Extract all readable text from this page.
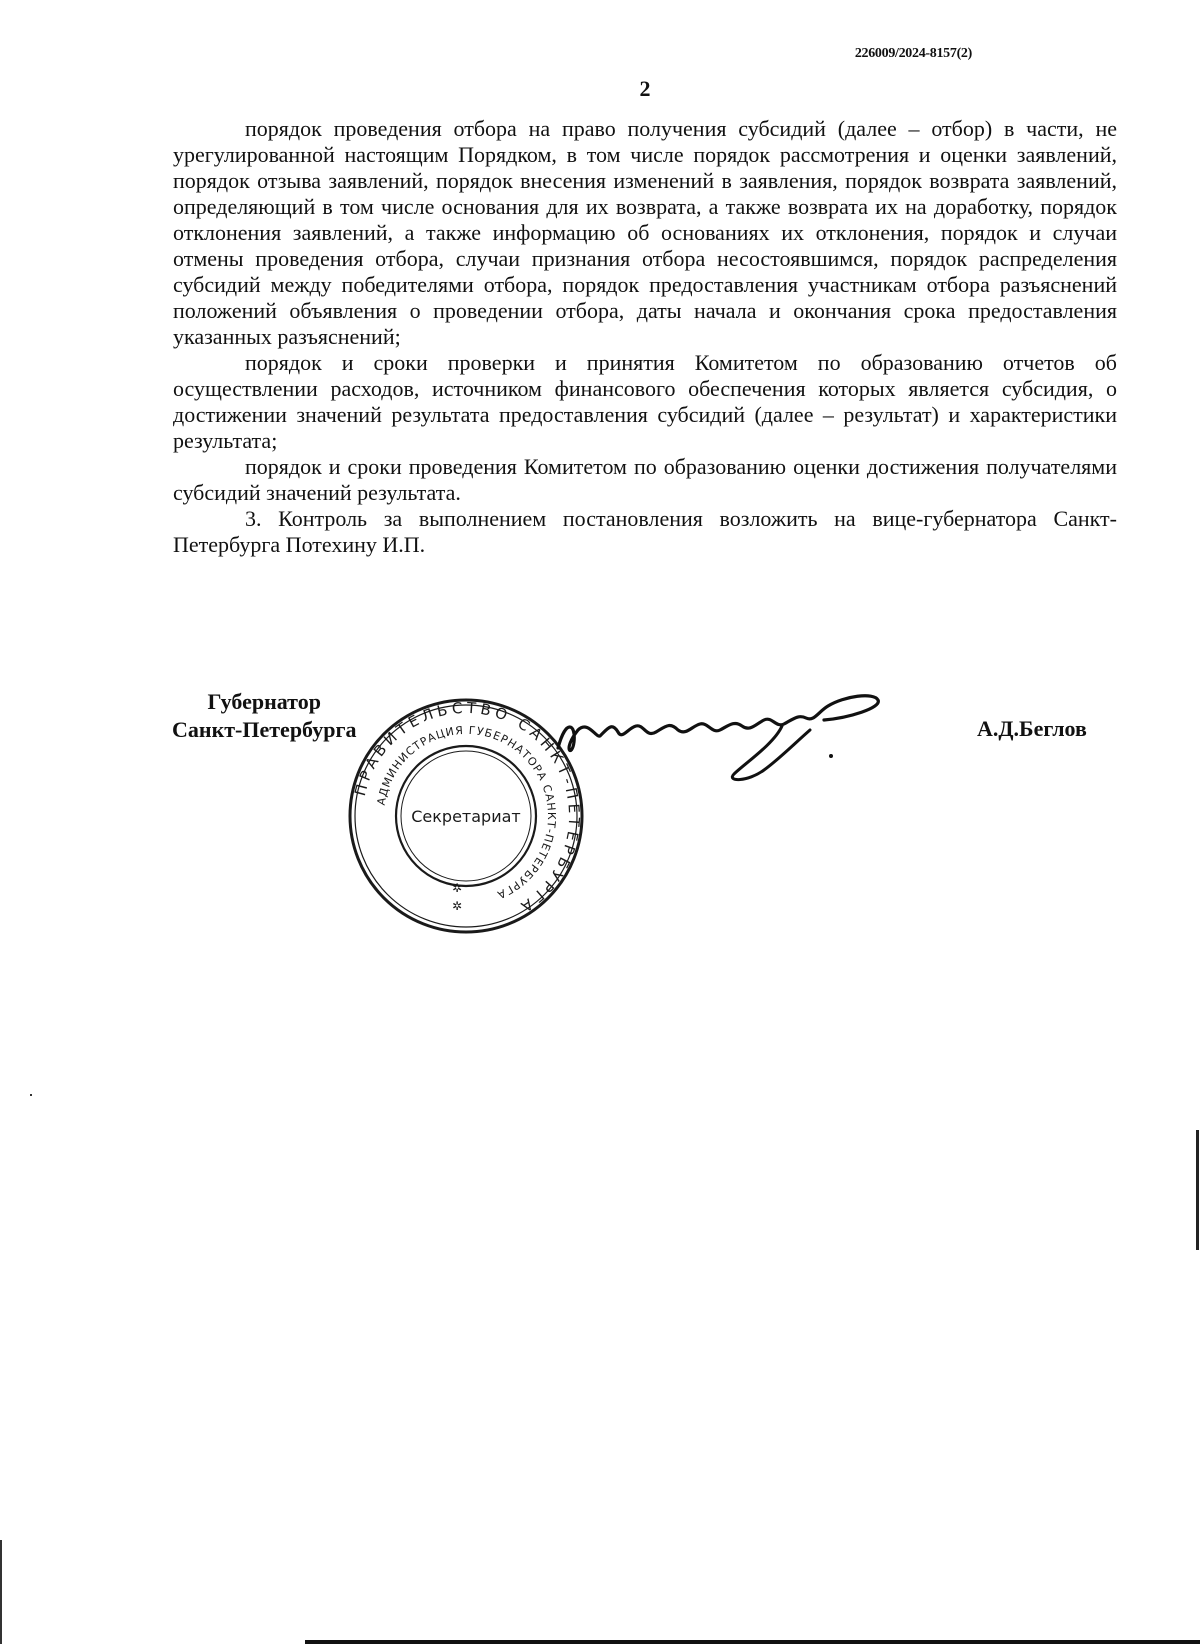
226009/2024-8157(2)
2

порядок проведения отбора на право получения субсидий (далее – отбор) в части, не урегулированной настоящим Порядком, в том числе порядок рассмотрения и оценки заявлений, порядок отзыва заявлений, порядок внесения изменений в заявления, порядок возврата заявлений, определяющий в том числе основания для их возврата, а также возврата их на доработку, порядок отклонения заявлений, а также информацию об основаниях их отклонения, порядок и случаи отмены проведения отбора, случаи признания отбора несостоявшимся, порядок распределения субсидий между победителями отбора, порядок предоставления участникам отбора разъяснений положений объявления о проведении отбора, даты начала и окончания срока предоставления указанных разъяснений;

порядок и сроки проверки и принятия Комитетом по образованию отчетов об осуществлении расходов, источником финансового обеспечения которых является субсидия, о достижении значений результата предоставления субсидий (далее – результат) и характеристики результата;

порядок и сроки проведения Комитетом по образованию оценки достижения получателями субсидий значений результата.

3. Контроль за выполнением постановления возложить на вице-губернатора Санкт-Петербурга Потехину И.П.

Губернатор
Санкт-Петербурга
ПРАВИТЕЛЬСТВО САНКТ-ПЕТЕРБУРГА
АДМИНИСТРАЦИЯ ГУБЕРНАТОРА САНКТ-ПЕТЕРБУРГА
Секретариат
✲
✲
А.Д.Беглов
